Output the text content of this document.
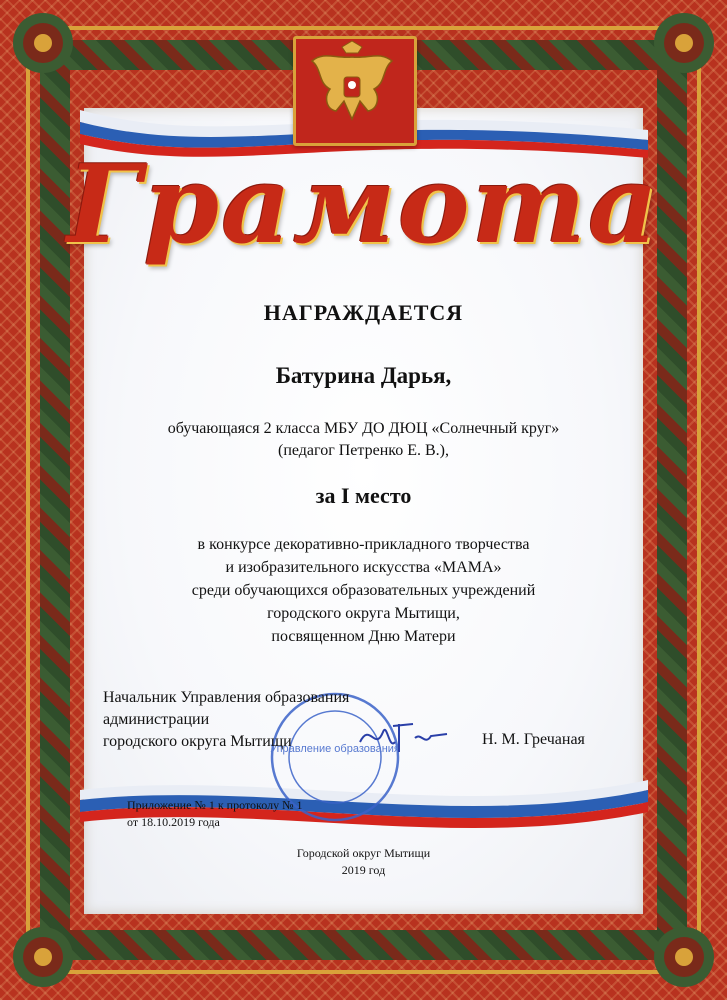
Грамота
НАГРАЖДАЕТСЯ
Батурина Дарья,
обучающаяся 2 класса МБУ ДО ДЮЦ «Солнечный круг»
(педагог Петренко Е. В.),
за I место
в конкурсе декоративно-прикладного творчества
и изобразительного искусства «МАМА»
среди обучающихся образовательных учреждений
городского округа Мытищи,
посвященном Дню Матери
Управление образования
Начальник Управления образования
администрации
городского округа Мытищи	Н. М. Гречаная
Приложение № 1 к протоколу № 1
от 18.10.2019 года
Городской округ Мытищи
2019 год
